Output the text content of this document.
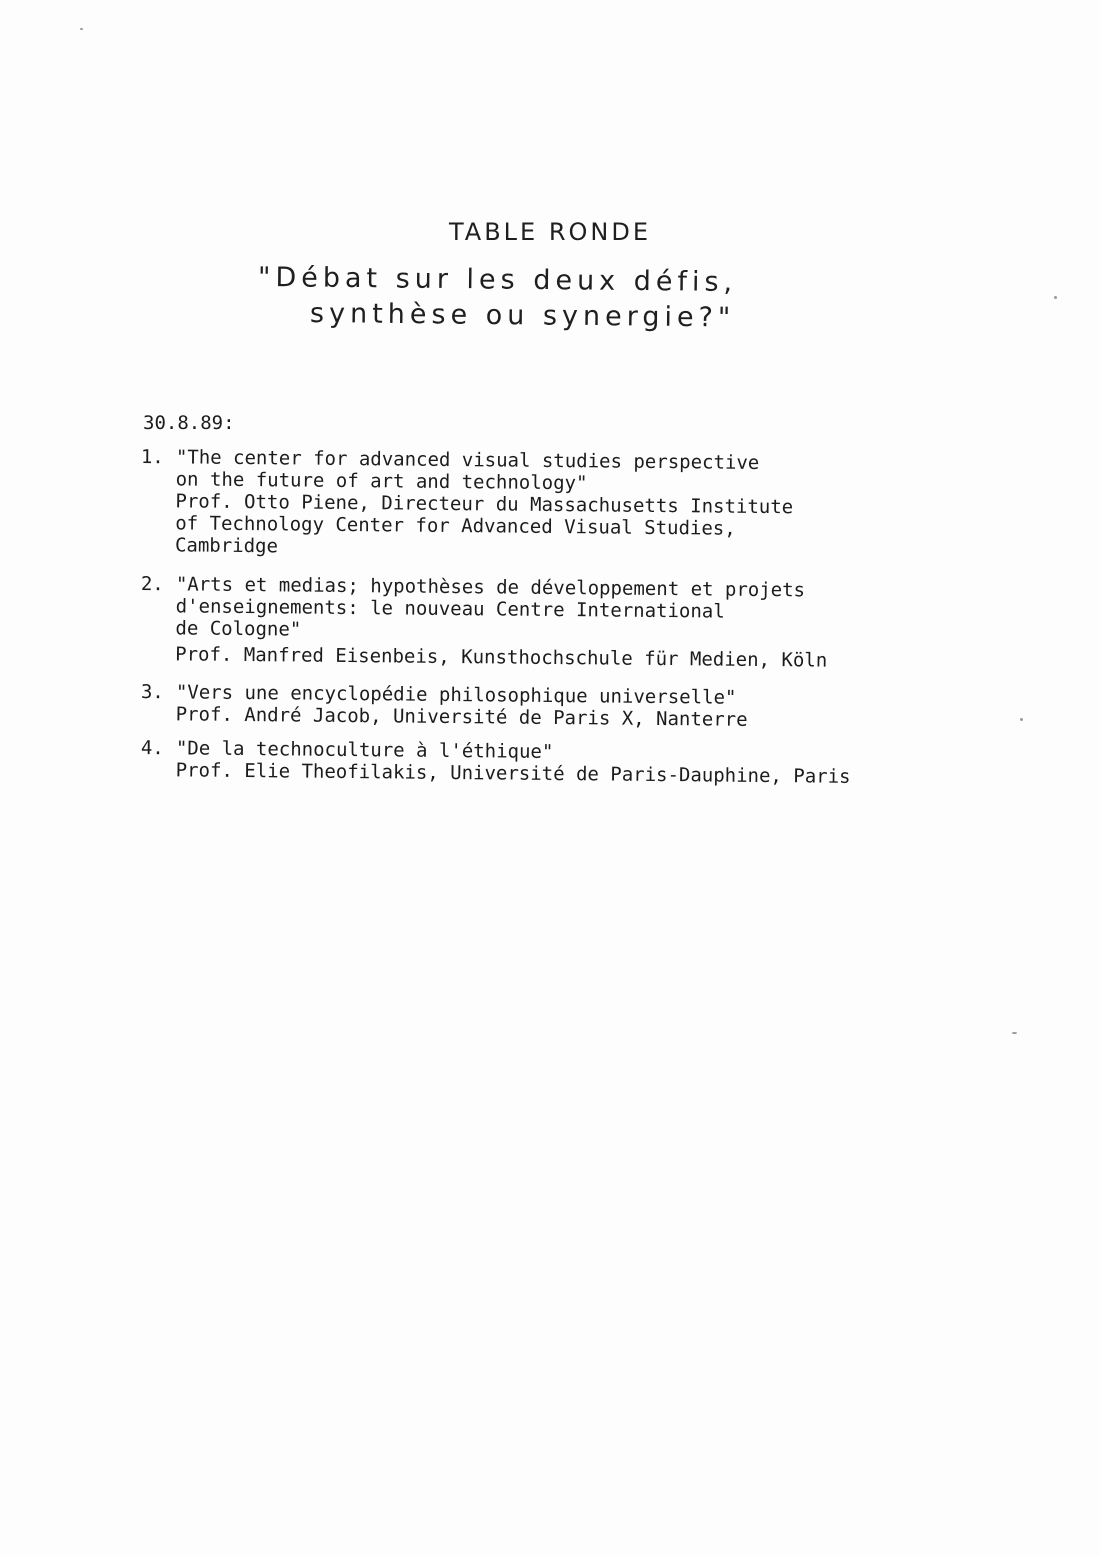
TABLE RONDE
"Débat sur les deux défis,
synthèse ou synergie?"
30.8.89:

1.

"The center for advanced visual studies perspective

on the future of art and technology"

Prof. Otto Piene, Directeur du Massachusetts Institute

of Technology Center for Advanced Visual Studies,

Cambridge

2.

"Arts et medias; hypothèses de développement et projets

d'enseignements: le nouveau Centre International

de Cologne"

Prof. Manfred Eisenbeis, Kunsthochschule für Medien, Köln

3.

"Vers une encyclopédie philosophique universelle"

Prof. André Jacob, Université de Paris X, Nanterre

4.

"De la technoculture à l'éthique"

Prof. Elie Theofilakis, Université de Paris-Dauphine, Paris
